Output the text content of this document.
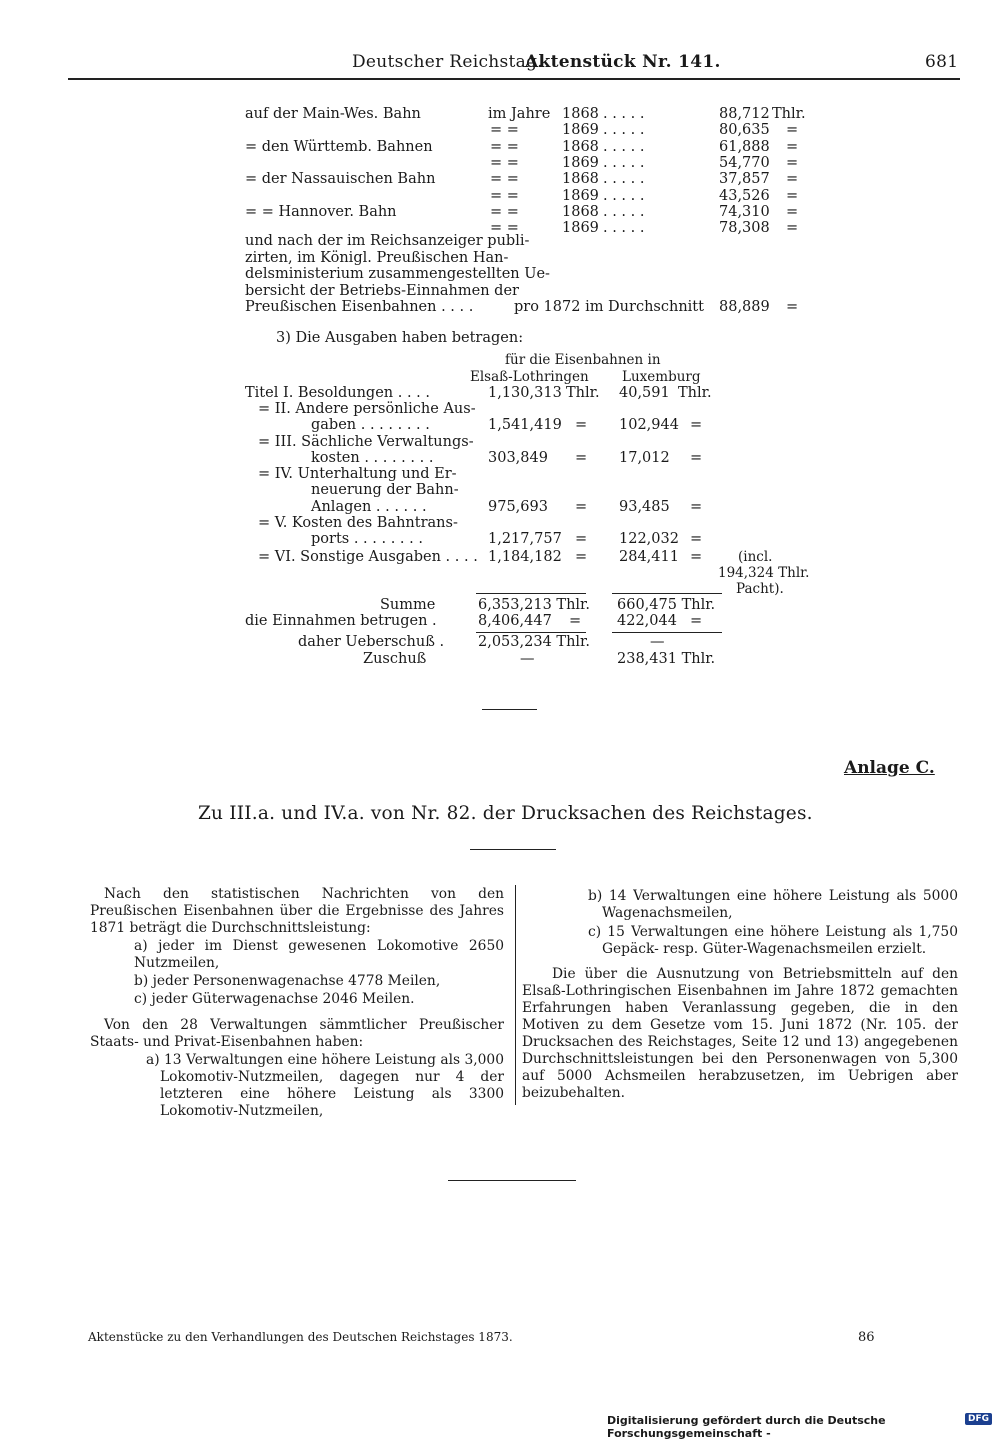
Deutscher Reichstag.
Aktenstück Nr. 141.	681
auf der Main-Wes. Bahn	im Jahre 1868 . . . . .	88,712 Thlr.
= =	1869 . . . . .	80,635 =
= den Württemb. Bahnen	= =	1868 . . . . .	61,888 =
= =	1869 . . . . .	54,770 =
= der Nassauischen Bahn	= =	1868 . . . . .	37,857 =
= =	1869 . . . . .	43,526 =
= = Hannover. Bahn	= =	1868 . . . . .	74,310 =
= =	1869 . . . . .	78,308 =
und nach der im Reichsanzeiger publi-
zirten, im Königl. Preußischen Han-
delsministerium zusammengestellten Ue-
bersicht der Betriebs-Einnahmen der
Preußischen Eisenbahnen . . . .	pro 1872 im Durchschnitt 88,889 =
3) Die Ausgaben haben betragen:
für die Eisenbahnen in
Elsaß-Lothringen Luxemburg
Titel I. Besoldungen . . . .	1,130,313 Thlr. 40,591 Thlr.
= II. Andere persönliche Aus-
gaben . . . . . . . .	1,541,419 = 102,944 =
= III. Sächliche Verwaltungs-
kosten . . . . . . . .	303,849 = 17,012 =
= IV. Unterhaltung und Er-
neuerung der Bahn-
Anlagen . . . . . .	975,693 = 93,485 =
= V. Kosten des Bahntrans-
ports . . . . . . . .	1,217,757 = 122,032 =
= VI. Sonstige Ausgaben . . . . 1,184,182 = 284,411 =	(incl.
194,324 Thlr.
Pacht).
Summe	6,353,213 Thlr. 660,475 Thlr.
die Einnahmen betrugen .	8,406,447 = 422,044 =
daher Ueberschuß . 2,053,234 Thlr.	—
Zuschuß	—	238,431 Thlr.
Anlage C.
Zu III.a. und IV.a. von Nr. 82. der Drucksachen des Reichstages.
Nach den statistischen Nachrichten von den Preußischen Eisenbahnen über die Ergebnisse des Jahres 1871 beträgt die Durchschnittsleistung:
a) jeder im Dienst gewesenen Lokomotive 2650 Nutzmeilen,
b) jeder Personenwagenachse 4778 Meilen,
c) jeder Güterwagenachse 2046 Meilen.
Von den 28 Verwaltungen sämmtlicher Preußischer Staats- und Privat-Eisenbahnen haben:
a) 13 Verwaltungen eine höhere Leistung als 3,000 Lokomotiv-Nutzmeilen, dagegen nur 4 der letzteren eine höhere Leistung als 3300 Lokomotiv-Nutzmeilen,
b) 14 Verwaltungen eine höhere Leistung als 5000 Wagenachsmeilen,
c) 15 Verwaltungen eine höhere Leistung als 1,750 Gepäck- resp. Güter-Wagenachsmeilen erzielt.
Die über die Ausnutzung von Betriebsmitteln auf den Elsaß-Lothringischen Eisenbahnen im Jahre 1872 gemachten Erfahrungen haben Veranlassung gegeben, die in den Motiven zu dem Gesetze vom 15. Juni 1872 (Nr. 105. der Drucksachen des Reichstages, Seite 12 und 13) angegebenen Durchschnittsleistungen bei den Personenwagen von 5,300 auf 5000 Achsmeilen herabzusetzen, im Uebrigen aber beizubehalten.
Aktenstücke zu den Verhandlungen des Deutschen Reichstages 1873.	86
Digitalisierung gefördert durch die Deutsche Forschungsgemeinschaft -
DFG
